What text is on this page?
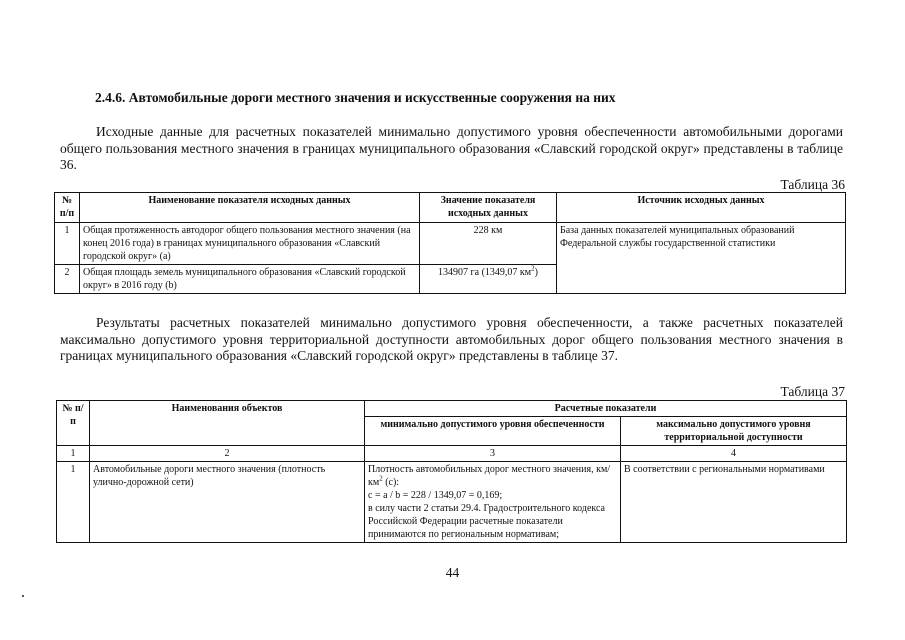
2.4.6. Автомобильные дороги местного значения и искусственные сооружения на них
Исходные данные для расчетных показателей минимально допустимого уровня обеспеченности автомобильными дорогами общего пользования местного значения в границах муниципального образования «Славский городской округ» представлены в таблице 36.
Таблица 36
№ п/п	Наименование показателя исходных данных	Значение показателя исходных данных	Источник исходных данных
1	Общая протяженность автодорог общего пользования местного значения (на конец 2016 года) в границах муниципального образования «Славский городской округ» (a)	228 км	База данных показателей муниципальных образований Федеральной службы государственной статистики
2	Общая площадь земель муниципального образования «Славский городской округ» в 2016 году (b)	134907 га (1349,07 $км^2$)	
Результаты расчетных показателей минимально допустимого уровня обеспеченности, а также расчетных показателей максимально допустимого уровня территориальной доступности автомобильных дорог общего пользования местного значения в границах муниципального образования «Славский городской округ» представлены в таблице 37.
Таблица 37
№ п/п	Наименования объектов	Расчетные показатели	
		минимально допустимого уровня обеспеченности	максимально допустимого уровня территориальной доступности
1	2	3	4
1	Автомобильные дороги местного значения (плотность улично-дорожной сети)	Плотность автомобильных дорог местного значения, $км/км^2$ (c):
c = a / b = 228 / 1349,07 = 0,169;
в силу части 2 статьи 29.4. Градостроительного кодекса Российской Федерации расчетные показатели принимаются по региональным нормативам;	В соответствии с региональными нормативами
44
